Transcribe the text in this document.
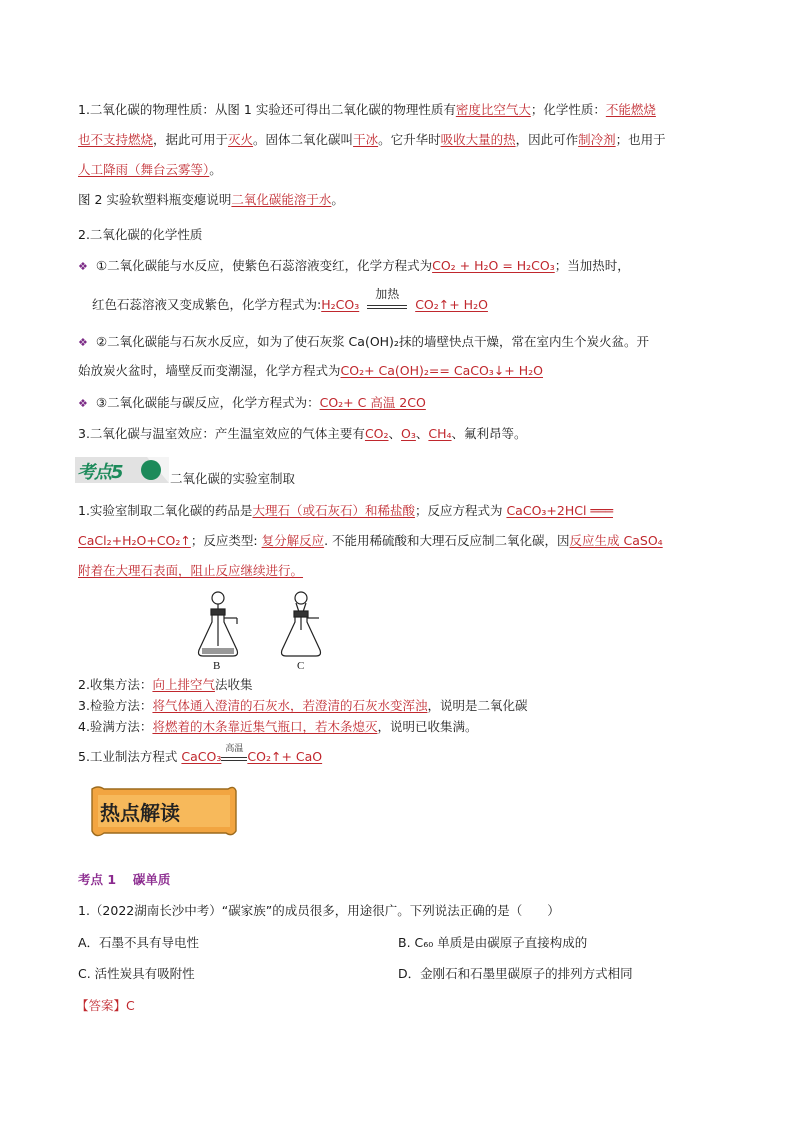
1.二氧化碳的物理性质：从图 1 实验还可得出二氧化碳的物理性质有密度比空气大；化学性质：不能燃烧
也不支持燃烧，据此可用于灭火。固体二氧化碳叫干冰。它升华时吸收大量的热，因此可作制冷剂；也用于
人工降雨（舞台云雾等）。
图 2 实验软塑料瓶变瘪说明二氧化碳能溶于水。
2.二氧化碳的化学性质
❖ ①二氧化碳能与水反应，使紫色石蕊溶液变红，化学方程式为CO₂ + H₂O = H₂CO₃；当加热时，
红色石蕊溶液又变成紫色，化学方程式为:H₂CO₃
加热
CO₂↑+ H₂O
❖ ②二氧化碳能与石灰水反应，如为了使石灰浆 Ca(OH)₂抹的墙壁快点干燥，常在室内生个炭火盆。开
始放炭火盆时，墙壁反而变潮湿，化学方程式为CO₂+ Ca(OH)₂== CaCO₃↓+ H₂O
❖ ③二氧化碳能与碳反应，化学方程式为：CO₂+ C 高温 2CO
3.二氧化碳与温室效应：产生温室效应的气体主要有CO₂、O₃、CH₄、氟利昂等。
考点5	二氧化碳的实验室制取
1.实验室制取二氧化碳的药品是大理石（或石灰石）和稀盐酸；反应方程式为 CaCO₃+2HCl ═══
CaCl₂+H₂O+CO₂↑；反应类型: 复分解反应. 不能用稀硫酸和大理石反应制二氧化碳，因反应生成 CaSO₄
附着在大理石表面，阻止反应继续进行。
B	C
2.收集方法：向上排空气法收集
3.检验方法：将气体通入澄清的石灰水，若澄清的石灰水变浑浊，说明是二氧化碳
4.验满方法：将燃着的木条靠近集气瓶口，若木条熄灭，说明已收集满。
5.工业制法方程式 CaCO₃ 高温 CO₂↑+ CaO
热点解读
考点 1　 碳单质
1.（2022湖南长沙中考）“碳家族”的成员很多，用途很广。下列说法正确的是（　　）
A．石墨不具有导电性	B. C₆₀ 单质是由碳原子直接构成的
C. 活性炭具有吸附性	D．金刚石和石墨里碳原子的排列方式相同
【答案】C
